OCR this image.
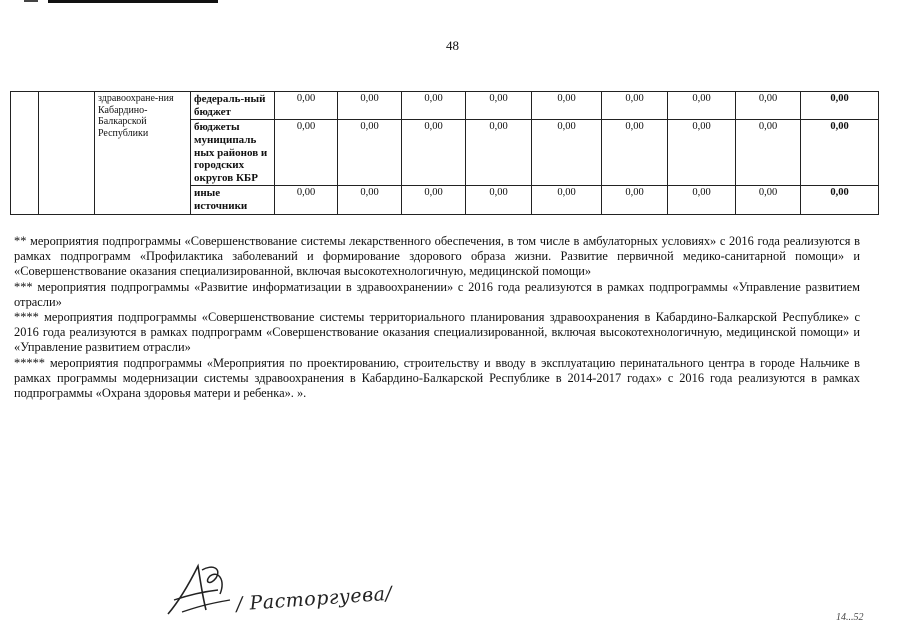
48
		здравоохране-ния Кабардино-Балкарской Республики	федераль-ный бюджет	0,00	0,00	0,00	0,00	0,00	0,00	0,00	0,00	0,00
			бюджеты муниципаль ных районов и городских округов КБР	0,00	0,00	0,00	0,00	0,00	0,00	0,00	0,00	0,00
			иные источники	0,00	0,00	0,00	0,00	0,00	0,00	0,00	0,00	0,00

** мероприятия подпрограммы «Совершенствование системы лекарственного обеспечения, в том числе в амбулаторных условиях» с 2016 года реализуются в рамках подпрограмм «Профилактика заболеваний и формирование здорового образа жизни. Развитие первичной медико-санитарной помощи» и «Совершенствование оказания специализированной, включая высокотехнологичную, медицинской помощи»

*** мероприятия подпрограммы «Развитие информатизации в здравоохранении» с 2016 года реализуются в рамках подпрограммы «Управление развитием отрасли»

**** мероприятия подпрограммы «Совершенствование системы территориального планирования здравоохранения в Кабардино-Балкарской Республике» с 2016 года реализуются в рамках подпрограмм «Совершенствование оказания специализированной, включая высокотехнологичную, медицинской помощи» и «Управление развитием отрасли»

***** мероприятия подпрограммы «Мероприятия по проектированию, строительству и вводу в эксплуатацию перинатального центра в городе Нальчике в рамках программы модернизации системы здравоохранения в Кабардино-Балкарской Республике в 2014-2017 годах» с 2016 года реализуются в рамках подпрограммы «Охрана здоровья матери и ребенка». ».

/ Расторгуева/
14...52
